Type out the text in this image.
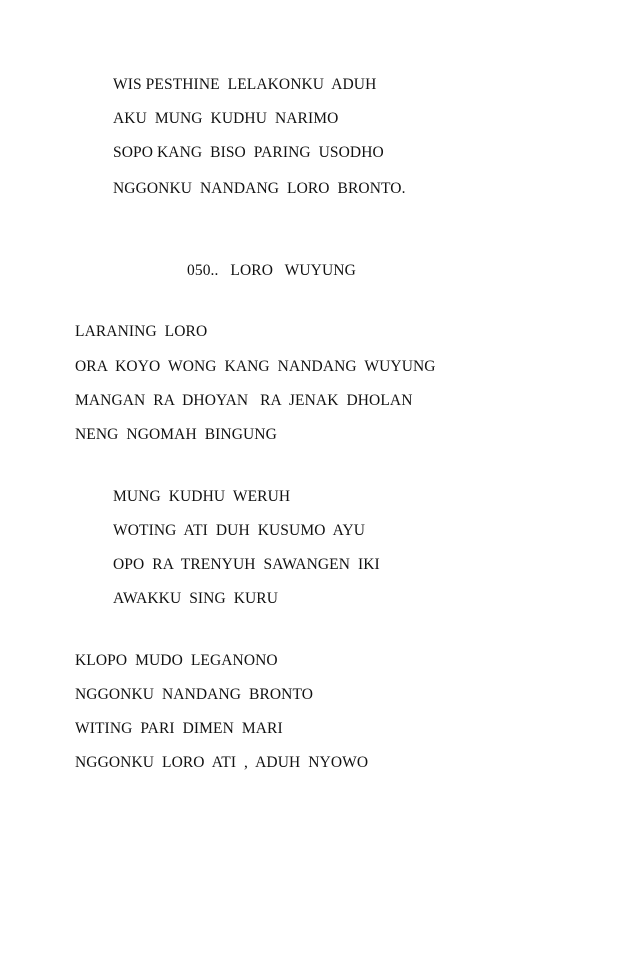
WIS PESTHINE  LELAKONKU  ADUH
AKU  MUNG  KUDHU  NARIMO
SOPO KANG  BISO  PARING  USODHO
NGGONKU  NANDANG  LORO  BRONTO.
050..   LORO   WUYUNG
LARANING  LORO
ORA  KOYO  WONG  KANG  NANDANG  WUYUNG
MANGAN  RA  DHOYAN   RA  JENAK  DHOLAN
NENG  NGOMAH  BINGUNG
MUNG  KUDHU  WERUH
WOTING  ATI  DUH  KUSUMO  AYU
OPO  RA  TRENYUH  SAWANGEN  IKI
AWAKKU  SING  KURU
KLOPO  MUDO  LEGANONO
NGGONKU  NANDANG  BRONTO
WITING  PARI  DIMEN  MARI
NGGONKU  LORO  ATI  ,  ADUH  NYOWO
